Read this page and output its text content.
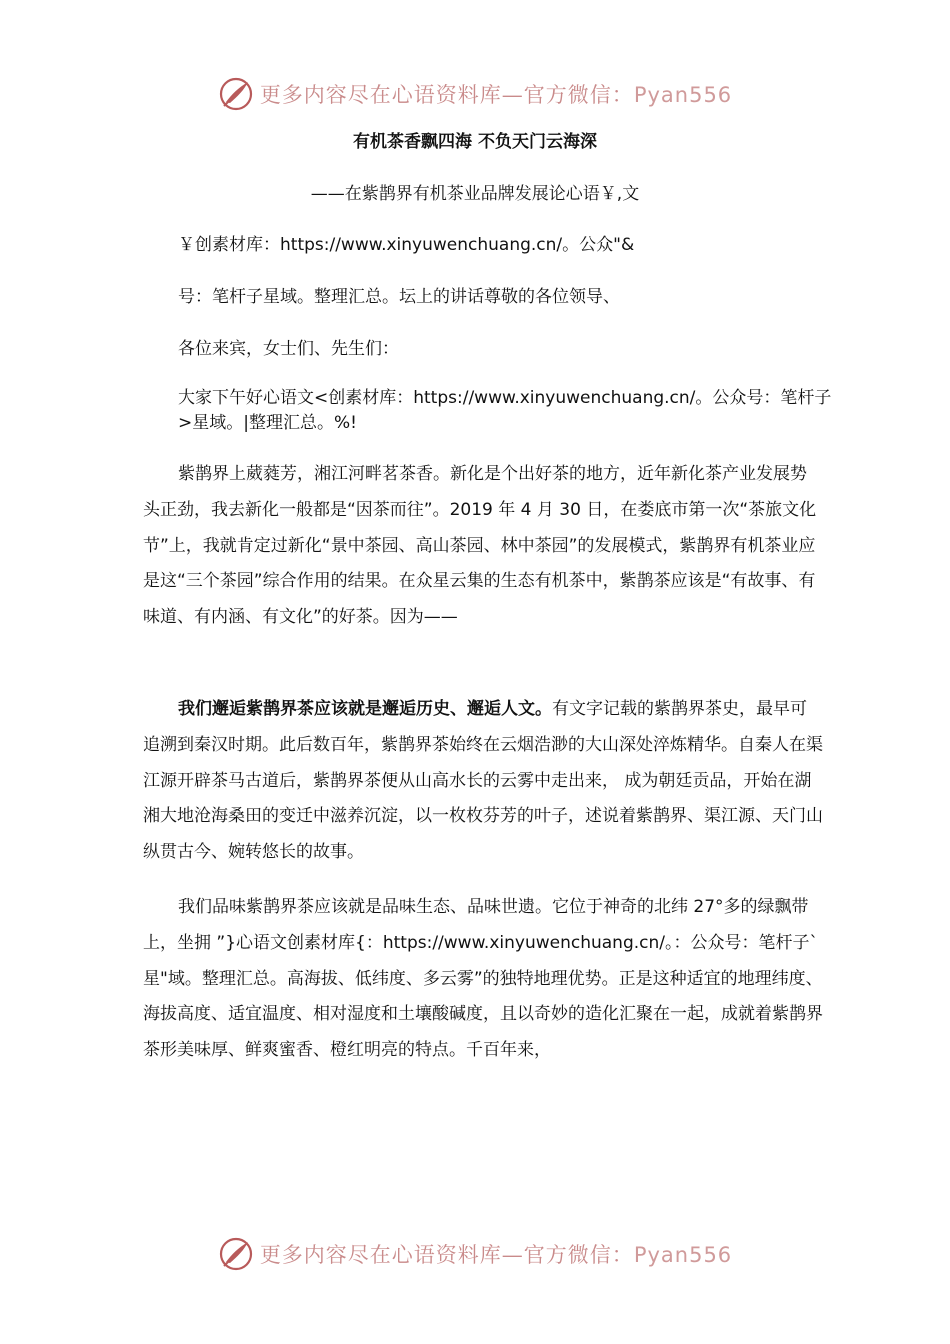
更多内容尽在心语资料库—官方微信：Pyan556
有机茶香飘四海 不负天门云海深
——在紫鹊界有机茶业品牌发展论心语￥,文
￥创素材库：https://www.xinyuwenchuang.cn/。公众"&
号：笔杆子星域。整理汇总。坛上的讲话尊敬的各位领导、
各位来宾，女士们、先生们：

大家下午好心语文<创素材库：https://www.xinyuwenchuang.cn/。公众号：笔杆子>星域。|整理汇总。%!

紫鹊界上葳蕤芳，湘江河畔茗茶香。新化是个出好茶的地方，近年新化茶产业发展势头正劲，我去新化一般都是“因茶而往”。2019 年 4 月 30 日，在娄底市第一次“茶旅文化节”上，我就肯定过新化“景中茶园、高山茶园、林中茶园”的发展模式，紫鹊界有机茶业应是这“三个茶园”综合作用的结果。在众星云集的生态有机茶中，紫鹊茶应该是“有故事、有味道、有内涵、有文化”的好茶。因为——

我们邂逅紫鹊界茶应该就是邂逅历史、邂逅人文。有文字记载的紫鹊界茶史，最早可追溯到秦汉时期。此后数百年，紫鹊界茶始终在云烟浩渺的大山深处淬炼精华。自秦人在渠江源开辟茶马古道后，紫鹊界茶便从山高水长的云雾中走出来， 成为朝廷贡品，开始在湖湘大地沧海桑田的变迁中滋养沉淀，以一枚枚芬芳的叶子，述说着紫鹊界、渠江源、天门山纵贯古今、婉转悠长的故事。

我们品味紫鹊界茶应该就是品味生态、品味世遗。它位于神奇的北纬 27°多的绿飘带上，坐拥 ”}心语文创素材库{：https://www.xinyuwenchuang.cn/。：公众号：笔杆子`星"域。整理汇总。高海拔、低纬度、多云雾”的独特地理优势。正是这种适宜的地理纬度、海拔高度、适宜温度、相对湿度和土壤酸碱度，且以奇妙的造化汇聚在一起，成就着紫鹊界茶形美味厚、鲜爽蜜香、橙红明亮的特点。千百年来，

更多内容尽在心语资料库—官方微信：Pyan556
